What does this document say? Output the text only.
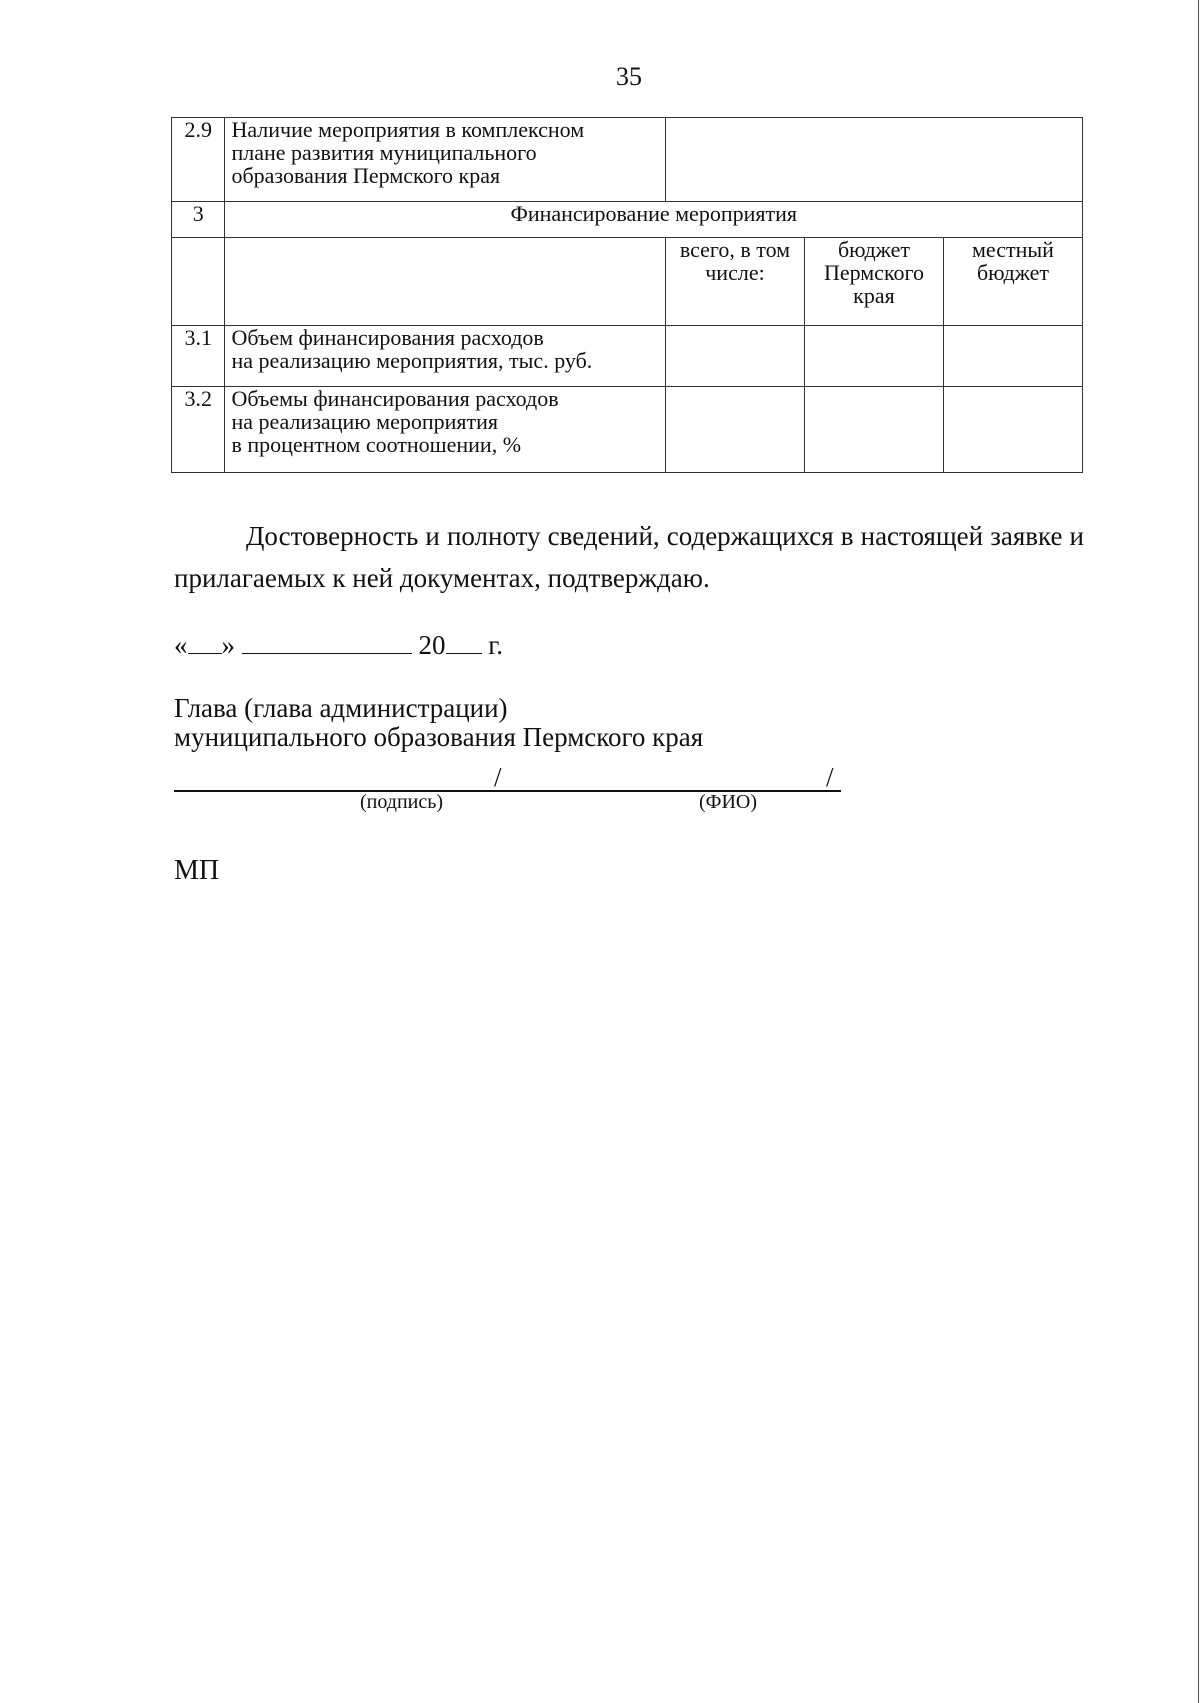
35
2.9	Наличие мероприятия в комплексном
плане развития муниципального
образования Пермского края			

3	Финансирование мероприятия			
		всего, в том числе:	бюджет Пермского края	местный бюджет
3.1	Объем финансирования расходов
на реализацию мероприятия, тыс. руб.			

3.2	Объемы финансирования расходов
на реализацию мероприятия
в процентном соотношении, %			

Достоверность и полноту сведений, содержащихся в настоящей заявке и прилагаемых к ней документах, подтверждаю.
« »	20 г.
Глава (глава администрации)
муниципального образования Пермского края
/	/
(подпись)	(ФИО)
МП
